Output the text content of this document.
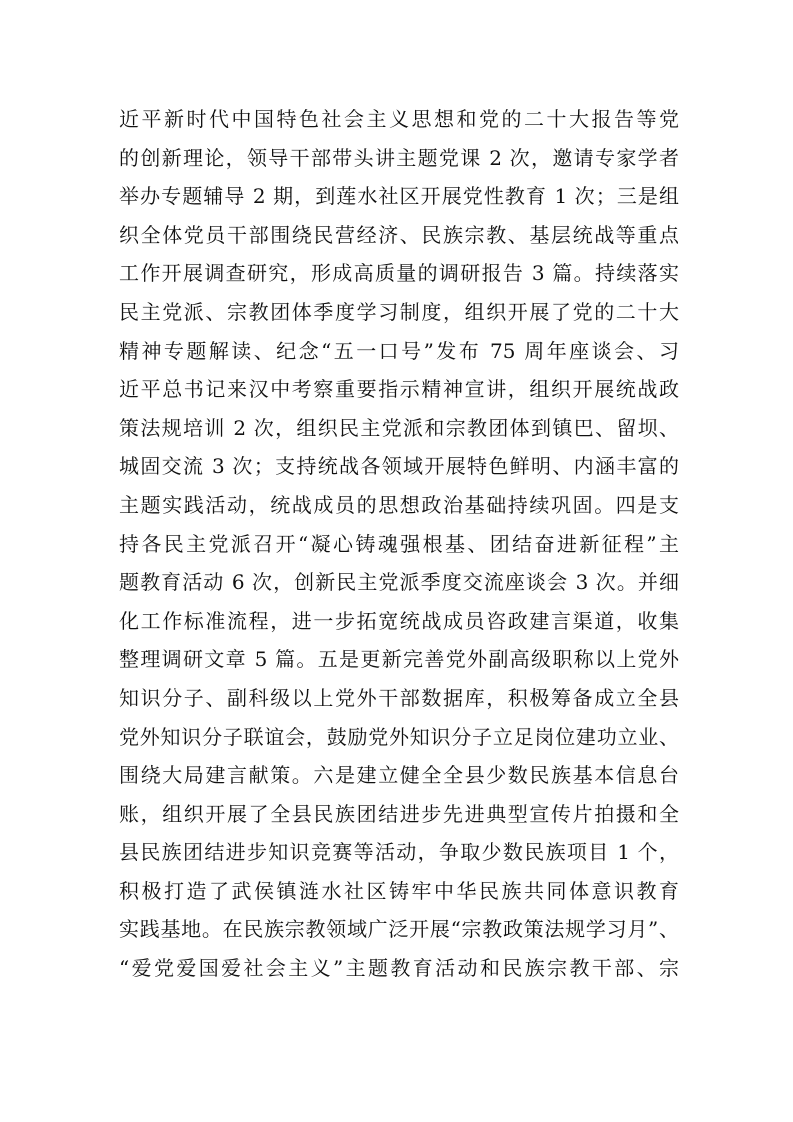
近平新时代中国特色社会主义思想和党的二十大报告等党
的创新理论，领导干部带头讲主题党课 2 次，邀请专家学者
举办专题辅导 2 期，到莲水社区开展党性教育 1 次；三是组
织全体党员干部围绕民营经济、民族宗教、基层统战等重点
工作开展调查研究，形成高质量的调研报告 3 篇。持续落实
民主党派、宗教团体季度学习制度，组织开展了党的二十大
精神专题解读、纪念“五一口号”发布 75 周年座谈会、习
近平总书记来汉中考察重要指示精神宣讲，组织开展统战政
策法规培训 2 次，组织民主党派和宗教团体到镇巴、留坝、
城固交流 3 次；支持统战各领域开展特色鲜明、内涵丰富的
主题实践活动，统战成员的思想政治基础持续巩固。四是支
持各民主党派召开“凝心铸魂强根基、团结奋进新征程”主
题教育活动 6 次，创新民主党派季度交流座谈会 3 次。并细
化工作标准流程，进一步拓宽统战成员咨政建言渠道，收集
整理调研文章 5 篇。五是更新完善党外副高级职称以上党外
知识分子、副科级以上党外干部数据库，积极筹备成立全县
党外知识分子联谊会，鼓励党外知识分子立足岗位建功立业、
围绕大局建言献策。六是建立健全全县少数民族基本信息台
账，组织开展了全县民族团结进步先进典型宣传片拍摄和全
县民族团结进步知识竞赛等活动，争取少数民族项目 1 个，
积极打造了武侯镇涟水社区铸牢中华民族共同体意识教育
实践基地。在民族宗教领域广泛开展“宗教政策法规学习月”、
“爱党爱国爱社会主义”主题教育活动和民族宗教干部、宗
